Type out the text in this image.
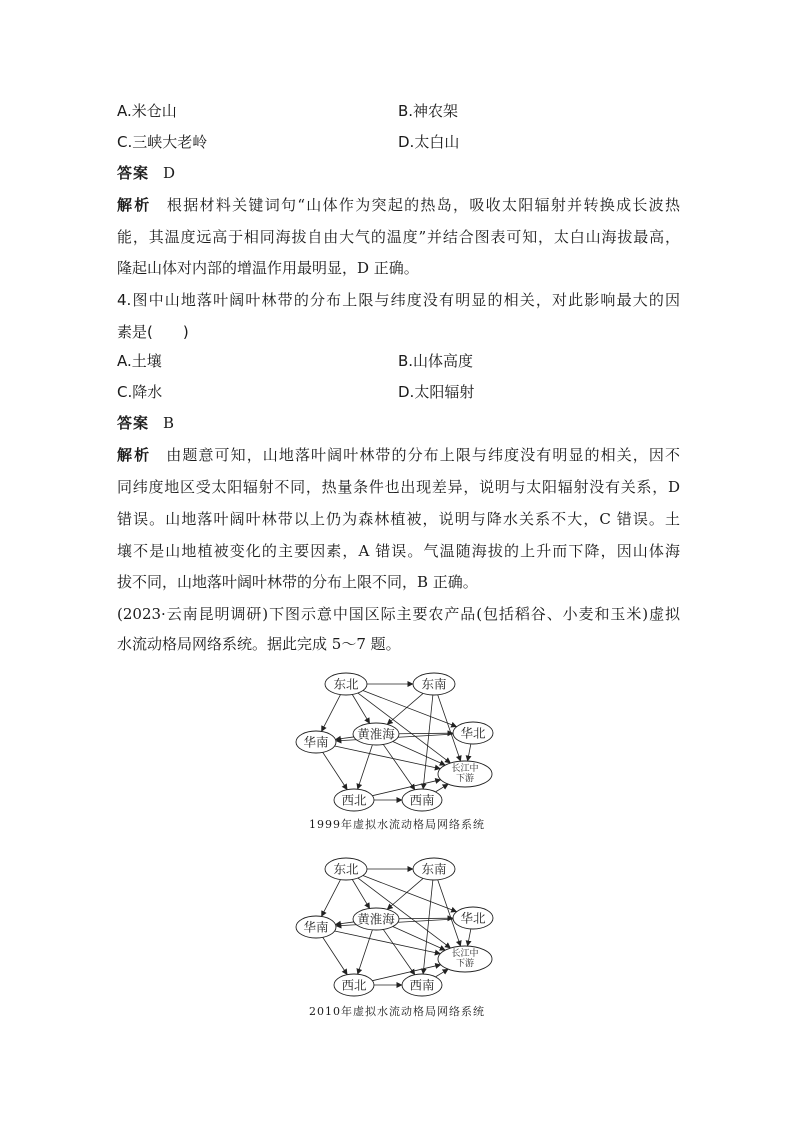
A.米仓山	B.神农架
C.三峡大老岭	D.太白山
答案 D
解析 根据材料关键词句“山体作为突起的热岛，吸收太阳辐射并转换成长波热
能，其温度远高于相同海拔自由大气的温度”并结合图表可知，太白山海拔最高，
隆起山体对内部的增温作用最明显，D 正确。
4.图中山地落叶阔叶林带的分布上限与纬度没有明显的相关，对此影响最大的因
素是(　　)
A.土壤	B.山体高度
C.降水	D.太阳辐射
答案 B
解析 由题意可知，山地落叶阔叶林带的分布上限与纬度没有明显的相关，因不
同纬度地区受太阳辐射不同，热量条件也出现差异，说明与太阳辐射没有关系，D
错误。山地落叶阔叶林带以上仍为森林植被，说明与降水关系不大，C 错误。土
壤不是山地植被变化的主要因素，A 错误。气温随海拔的上升而下降，因山体海
拔不同，山地落叶阔叶林带的分布上限不同，B 正确。
(2023·云南昆明调研)下图示意中国区际主要农产品(包括稻谷、小麦和玉米)虚拟
水流动格局网络系统。据此完成 5～7 题。
东北	东南
黄淮海
华南
华北
长江中
下游
西北	西南
1999年虚拟水流动格局网络系统
东北	东南
黄淮海
华南
华北
长江中
下游
西北	西南
2010年虚拟水流动格局网络系统
